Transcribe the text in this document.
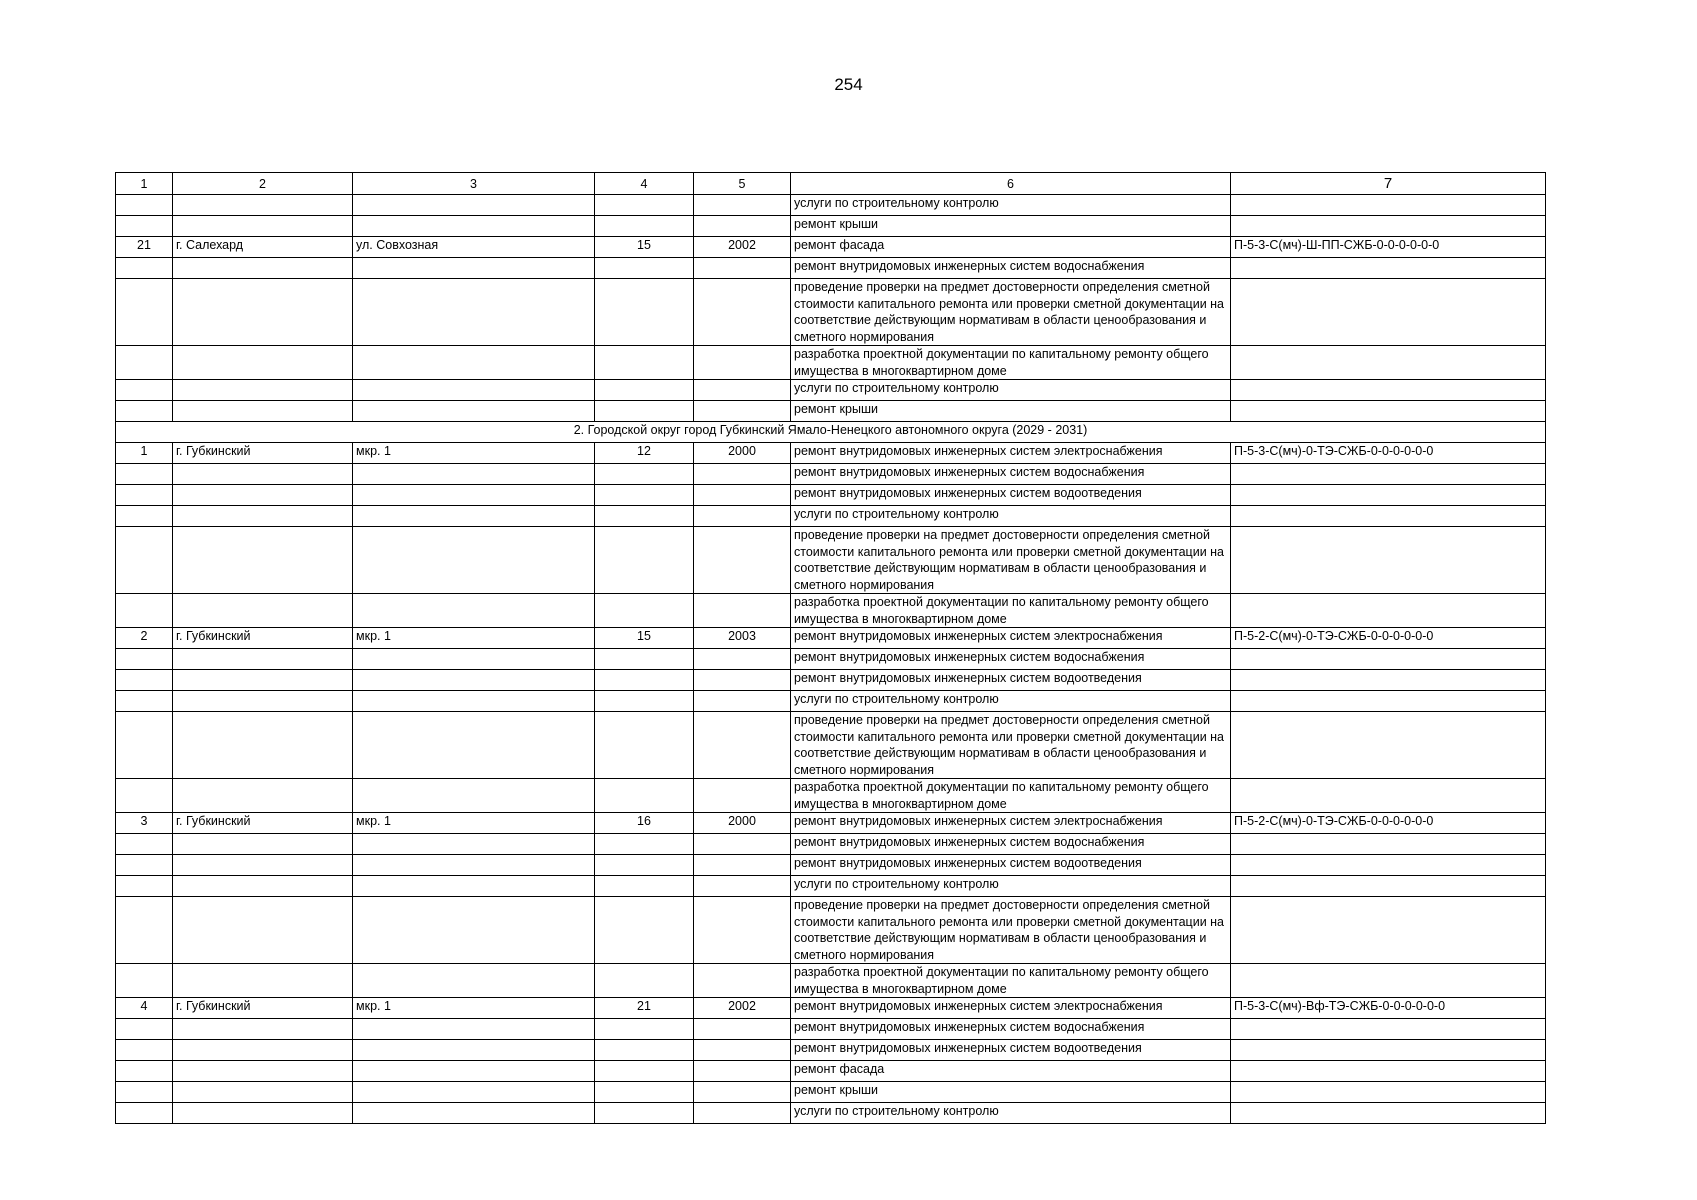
254
1	2	3	4	5	6	7
					услуги по строительному контролю	
					ремонт крыши	
21	г. Салехард	ул. Совхозная	15	2002	ремонт фасада	П-5-3-С(мч)-Ш-ПП-СЖБ-0-0-0-0-0-0
					ремонт внутридомовых инженерных систем водоснабжения	
					проведение проверки на предмет достоверности определения сметной стоимости капитального ремонта или проверки сметной документации на соответствие действующим нормативам в области ценообразования и сметного нормирования	
					разработка проектной документации по капитальному ремонту общего имущества в многоквартирном доме	
					услуги по строительному контролю	
					ремонт крыши	
2. Городской округ город Губкинский Ямало-Ненецкого автономного округа (2029 - 2031)						
1	г. Губкинский	мкр. 1	12	2000	ремонт внутридомовых инженерных систем электроснабжения	П-5-3-С(мч)-0-ТЭ-СЖБ-0-0-0-0-0-0
					ремонт внутридомовых инженерных систем водоснабжения	
					ремонт внутридомовых инженерных систем водоотведения	
					услуги по строительному контролю	
					проведение проверки на предмет достоверности определения сметной стоимости капитального ремонта или проверки сметной документации на соответствие действующим нормативам в области ценообразования и сметного нормирования	
					разработка проектной документации по капитальному ремонту общего имущества в многоквартирном доме	
2	г. Губкинский	мкр. 1	15	2003	ремонт внутридомовых инженерных систем электроснабжения	П-5-2-С(мч)-0-ТЭ-СЖБ-0-0-0-0-0-0
					ремонт внутридомовых инженерных систем водоснабжения	
					ремонт внутридомовых инженерных систем водоотведения	
					услуги по строительному контролю	
					проведение проверки на предмет достоверности определения сметной стоимости капитального ремонта или проверки сметной документации на соответствие действующим нормативам в области ценообразования и сметного нормирования	
					разработка проектной документации по капитальному ремонту общего имущества в многоквартирном доме	
3	г. Губкинский	мкр. 1	16	2000	ремонт внутридомовых инженерных систем электроснабжения	П-5-2-С(мч)-0-ТЭ-СЖБ-0-0-0-0-0-0
					ремонт внутридомовых инженерных систем водоснабжения	
					ремонт внутридомовых инженерных систем водоотведения	
					услуги по строительному контролю	
					проведение проверки на предмет достоверности определения сметной стоимости капитального ремонта или проверки сметной документации на соответствие действующим нормативам в области ценообразования и сметного нормирования	
					разработка проектной документации по капитальному ремонту общего имущества в многоквартирном доме	
4	г. Губкинский	мкр. 1	21	2002	ремонт внутридомовых инженерных систем электроснабжения	П-5-3-С(мч)-Вф-ТЭ-СЖБ-0-0-0-0-0-0
					ремонт внутридомовых инженерных систем водоснабжения	
					ремонт внутридомовых инженерных систем водоотведения	
					ремонт фасада	
					ремонт крыши	
					услуги по строительному контролю	
